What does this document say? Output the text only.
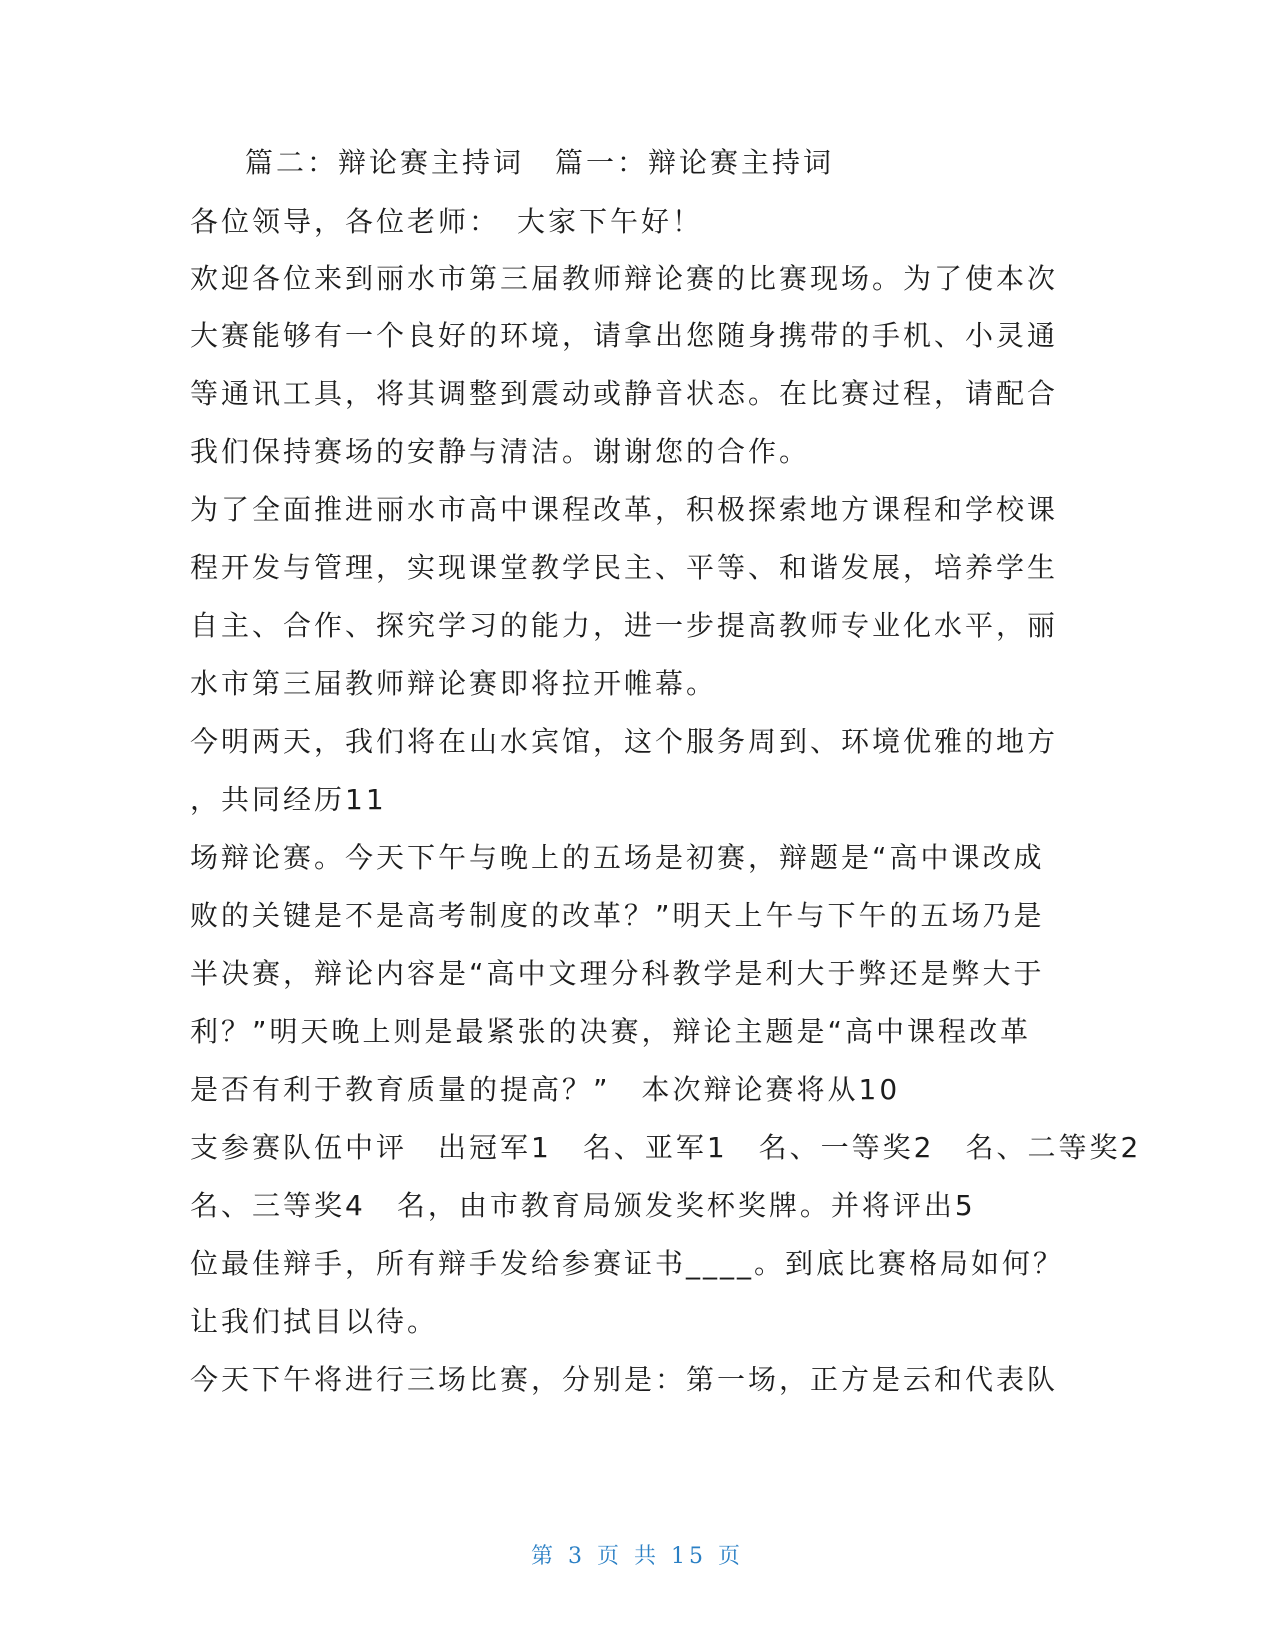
篇二：辩论赛主持词　篇一：辩论赛主持词
各位领导，各位老师：　大家下午好！
欢迎各位来到丽水市第三届教师辩论赛的比赛现场。为了使本次
大赛能够有一个良好的环境，请拿出您随身携带的手机、小灵通
等通讯工具，将其调整到震动或静音状态。在比赛过程，请配合
我们保持赛场的安静与清洁。谢谢您的合作。
为了全面推进丽水市高中课程改革，积极探索地方课程和学校课
程开发与管理，实现课堂教学民主、平等、和谐发展，培养学生
自主、合作、探究学习的能力，进一步提高教师专业化水平，丽
水市第三届教师辩论赛即将拉开帷幕。
今明两天，我们将在山水宾馆，这个服务周到、环境优雅的地方
，共同经历11
场辩论赛。今天下午与晚上的五场是初赛，辩题是“高中课改成
败的关键是不是高考制度的改革？”明天上午与下午的五场乃是
半决赛，辩论内容是“高中文理分科教学是利大于弊还是弊大于
利？”明天晚上则是最紧张的决赛，辩论主题是“高中课程改革
是否有利于教育质量的提高？”　本次辩论赛将从10
支参赛队伍中评　出冠军1　名、亚军1　名、一等奖2　名、二等奖2
名、三等奖4　名，由市教育局颁发奖杯奖牌。并将评出5
位最佳辩手，所有辩手发给参赛证书____。到底比赛格局如何？
让我们拭目以待。
今天下午将进行三场比赛，分别是：第一场，正方是云和代表队
第 3 页 共 15 页
